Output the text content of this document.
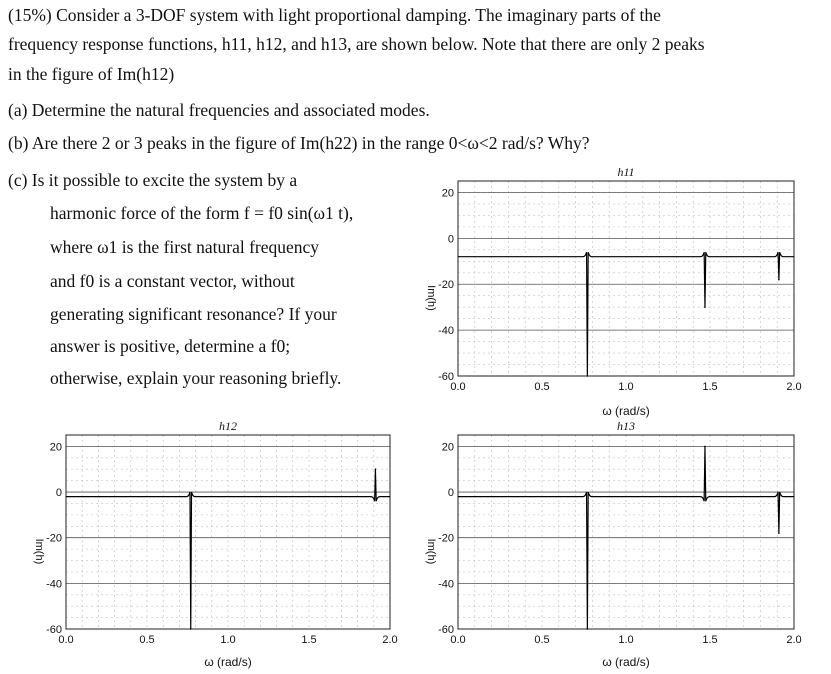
(15%) Consider a 3-DOF system with light proportional damping. The imaginary parts of the
frequency response functions, h11, h12, and h13, are shown below. Note that there are only 2 peaks
in the figure of Im(h12)
(a) Determine the natural frequencies and associated modes.
(b) Are there 2 or 3 peaks in the figure of Im(h22) in the range 0<ω<2 rad/s? Why?
(c) Is it possible to excite the system by a
harmonic force of the form f = f0 sin(ω1 t),
where ω1 is the first natural frequency
and f0 is a constant vector, without
generating significant resonance? If your
answer is positive, determine a f0;
otherwise, explain your reasoning briefly.
h11
20
0
-20
-40
-60
0.0	0.5	1.0	1.5	2.0
Im(h)
ω (rad/s)
h12
20
0
-20
-40
-60
0.0	0.5	1.0	1.5	2.0
Im(h)
ω (rad/s)
h13
20
0
-20
-40
-60
0.0	0.5	1.0	1.5	2.0
Im(h)
ω (rad/s)
